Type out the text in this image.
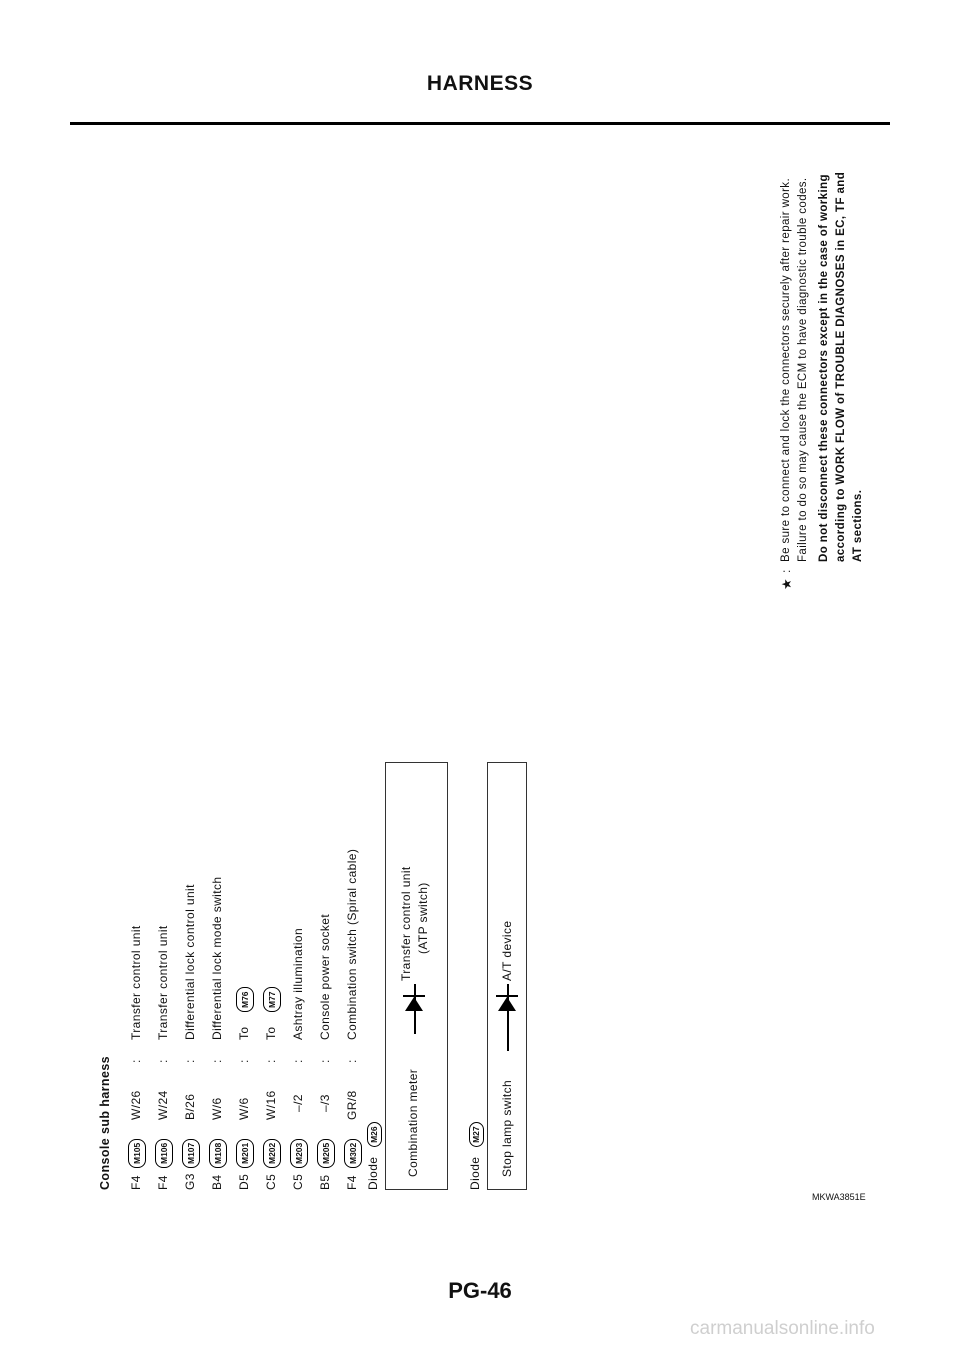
HARNESS
Console sub harness F4
M105
W/26
:
Transfer control unit
F4
M106
W/24
:
Transfer control unit
G3
M107
B/26
:
Differential lock control unit
B4
M108
W/6
:
Differential lock mode switch
D5
M201
W/6
:
To
M76
C5
M202
W/16
:
To
M77
C5
M203
–/2
:
Ashtray illumination
B5
M205
–/3
:
Console power socket
F4
M302
GR/8
:
Combination switch (Spiral cable)
Diode M26 Combination meter
Transfer control unit (ATP switch)
Diode M27 Stop lamp switch
A/T device
★
:
Be sure to connect and lock the connectors securely after repair work. Failure to do so may cause the ECM to have diagnostic trouble codes. Do not disconnect these connectors except in the case of working according to WORK FLOW of TROUBLE DIAGNOSES in EC, TF and AT sections.
MKWA3851E
PG-46
carmanualsonline.info
